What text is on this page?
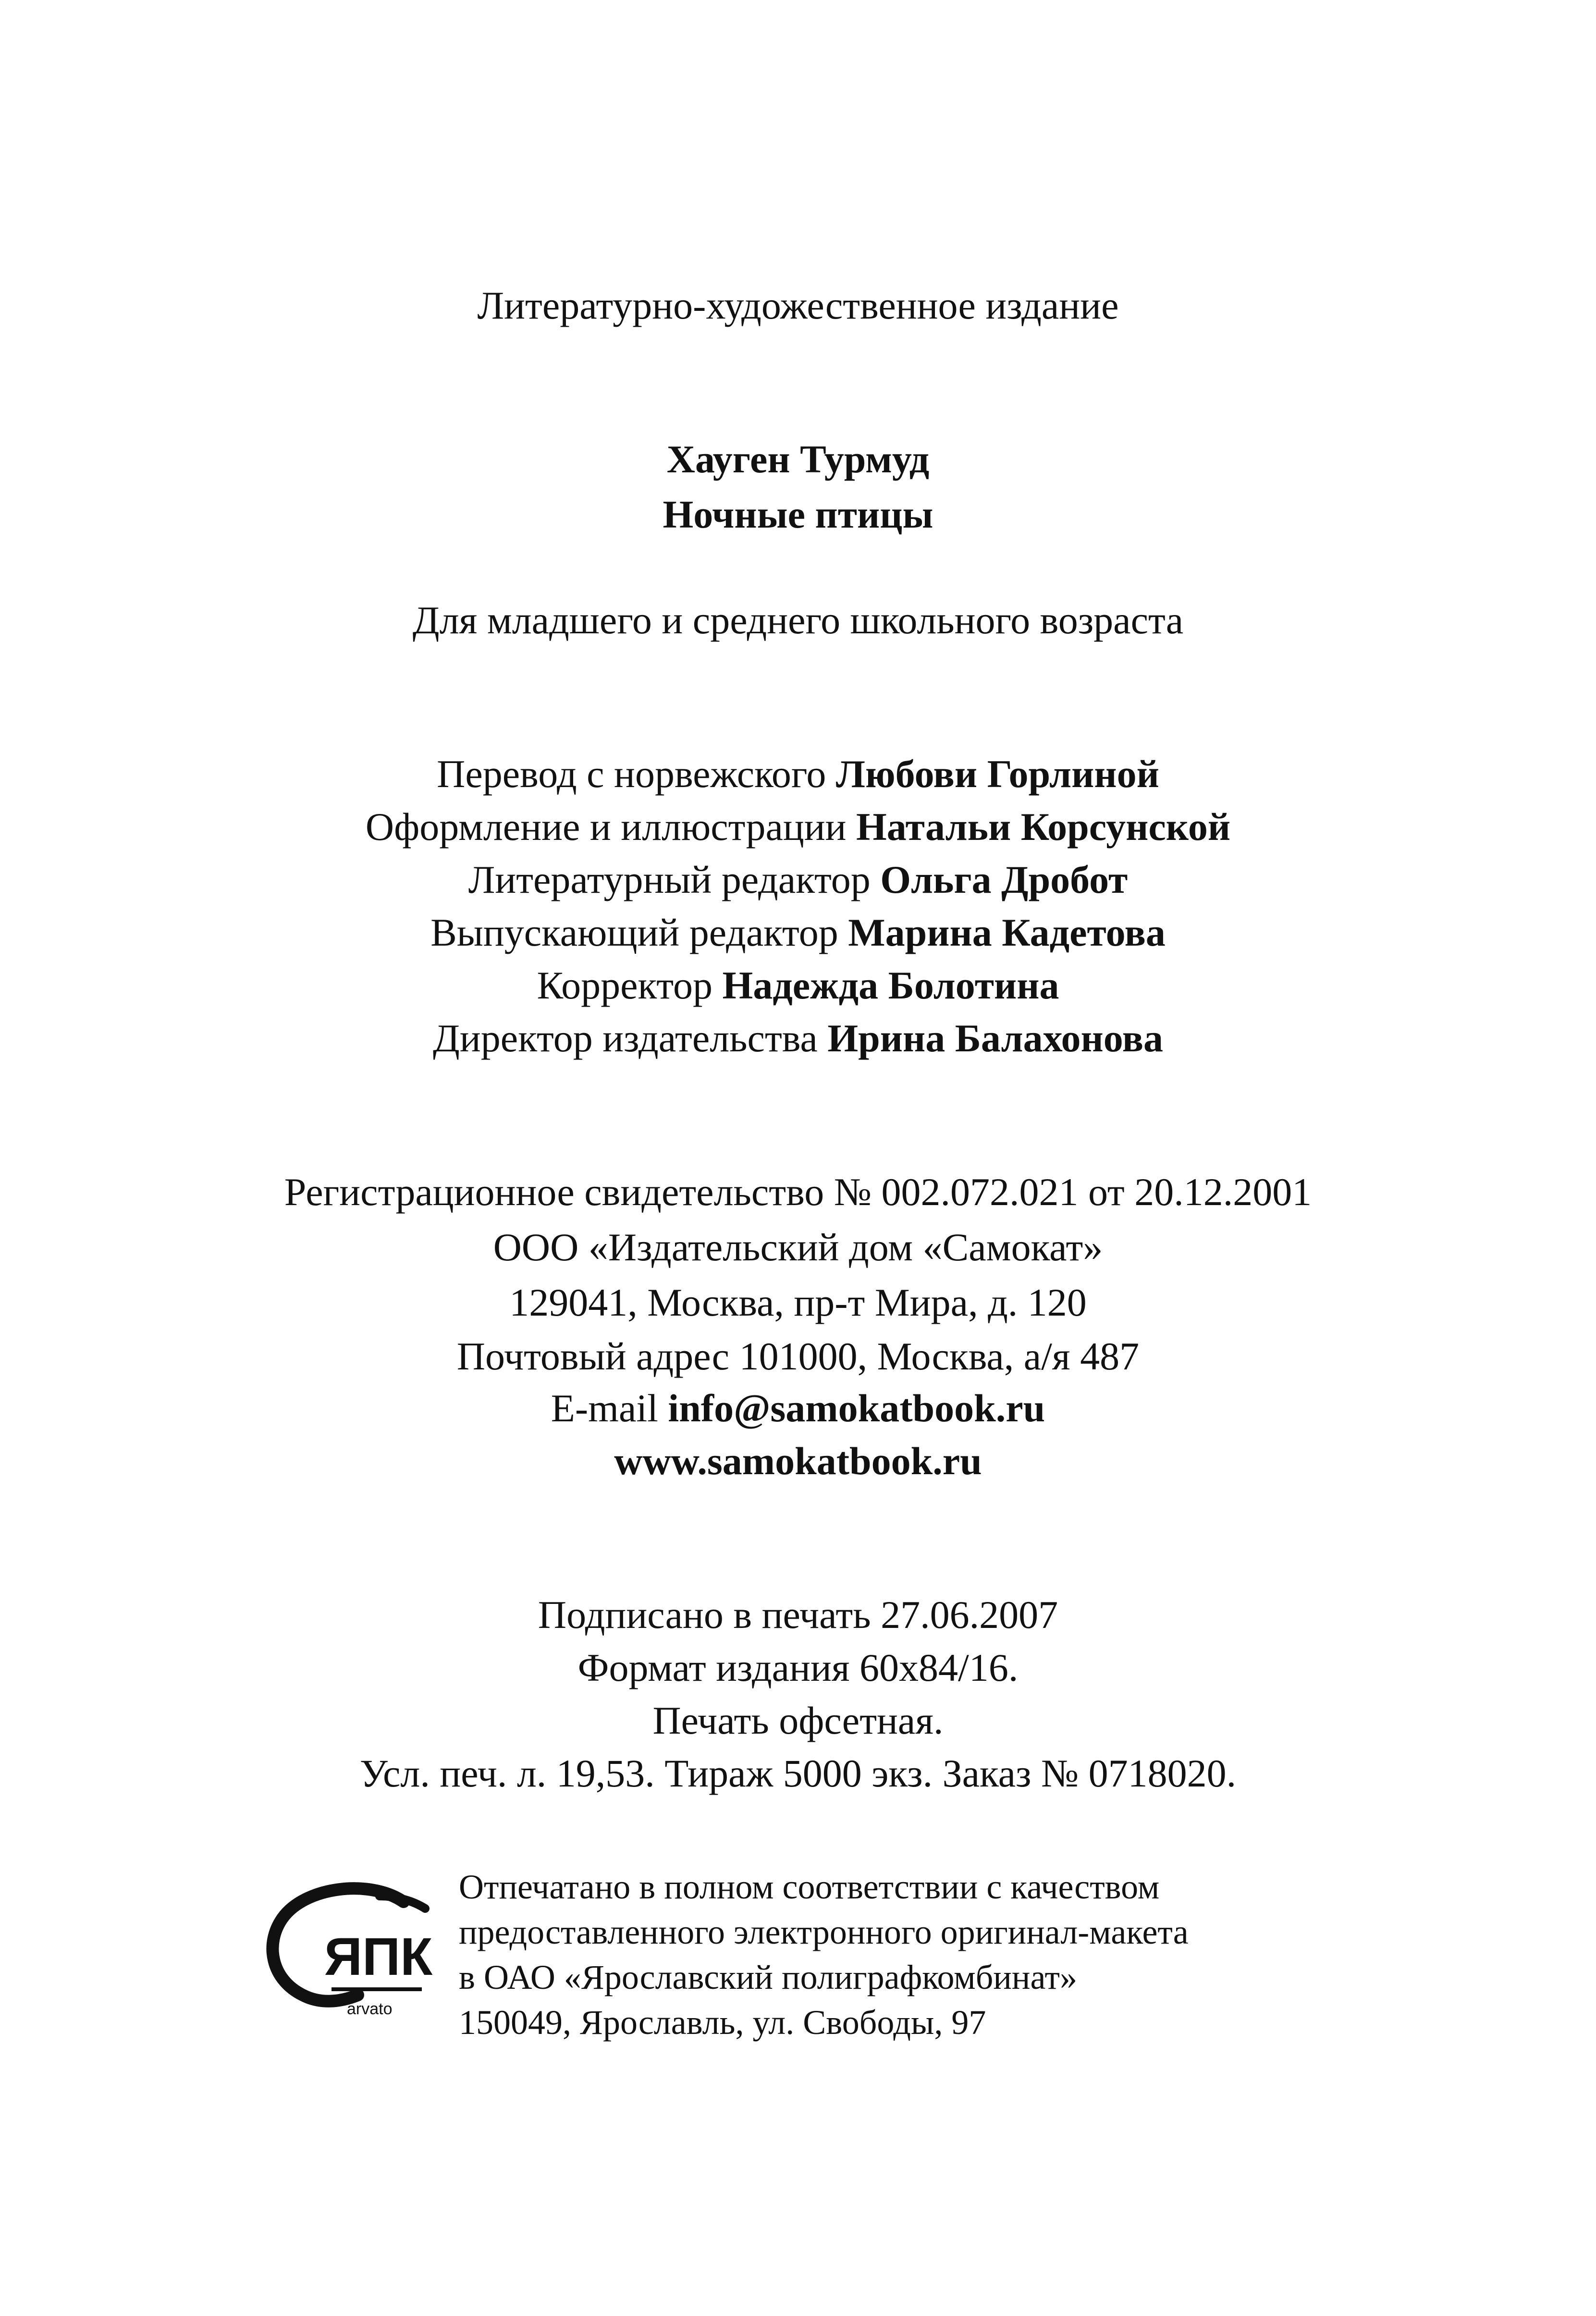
Литературно-художественное издание
Хауген Турмуд
Ночные птицы
Для младшего и среднего школьного возраста
Перевод с норвежского Любови Горлиной
Оформление и иллюстрации Натальи Корсунской
Литературный редактор Ольга Дробот
Выпускающий редактор Марина Кадетова
Корректор Надежда Болотина
Директор издательства Ирина Балахонова
Регистрационное свидетельство № 002.072.021 от 20.12.2001
ООО «Издательский дом «Самокат»
129041, Москва, пр-т Мира, д. 120
Почтовый адрес 101000, Москва, а/я 487
E-mail info@samokatbook.ru
www.samokatbook.ru
Подписано в печать 27.06.2007
Формат издания 60x84/16.
Печать офсетная.
Усл. печ. л. 19,53. Тираж 5000 экз. Заказ № 0718020.
ЯПК
arvato
Отпечатано в полном соответствии с качеством
предоставленного электронного оригинал-макета
в ОАО «Ярославский полиграфкомбинат»
150049, Ярославль, ул. Свободы, 97
